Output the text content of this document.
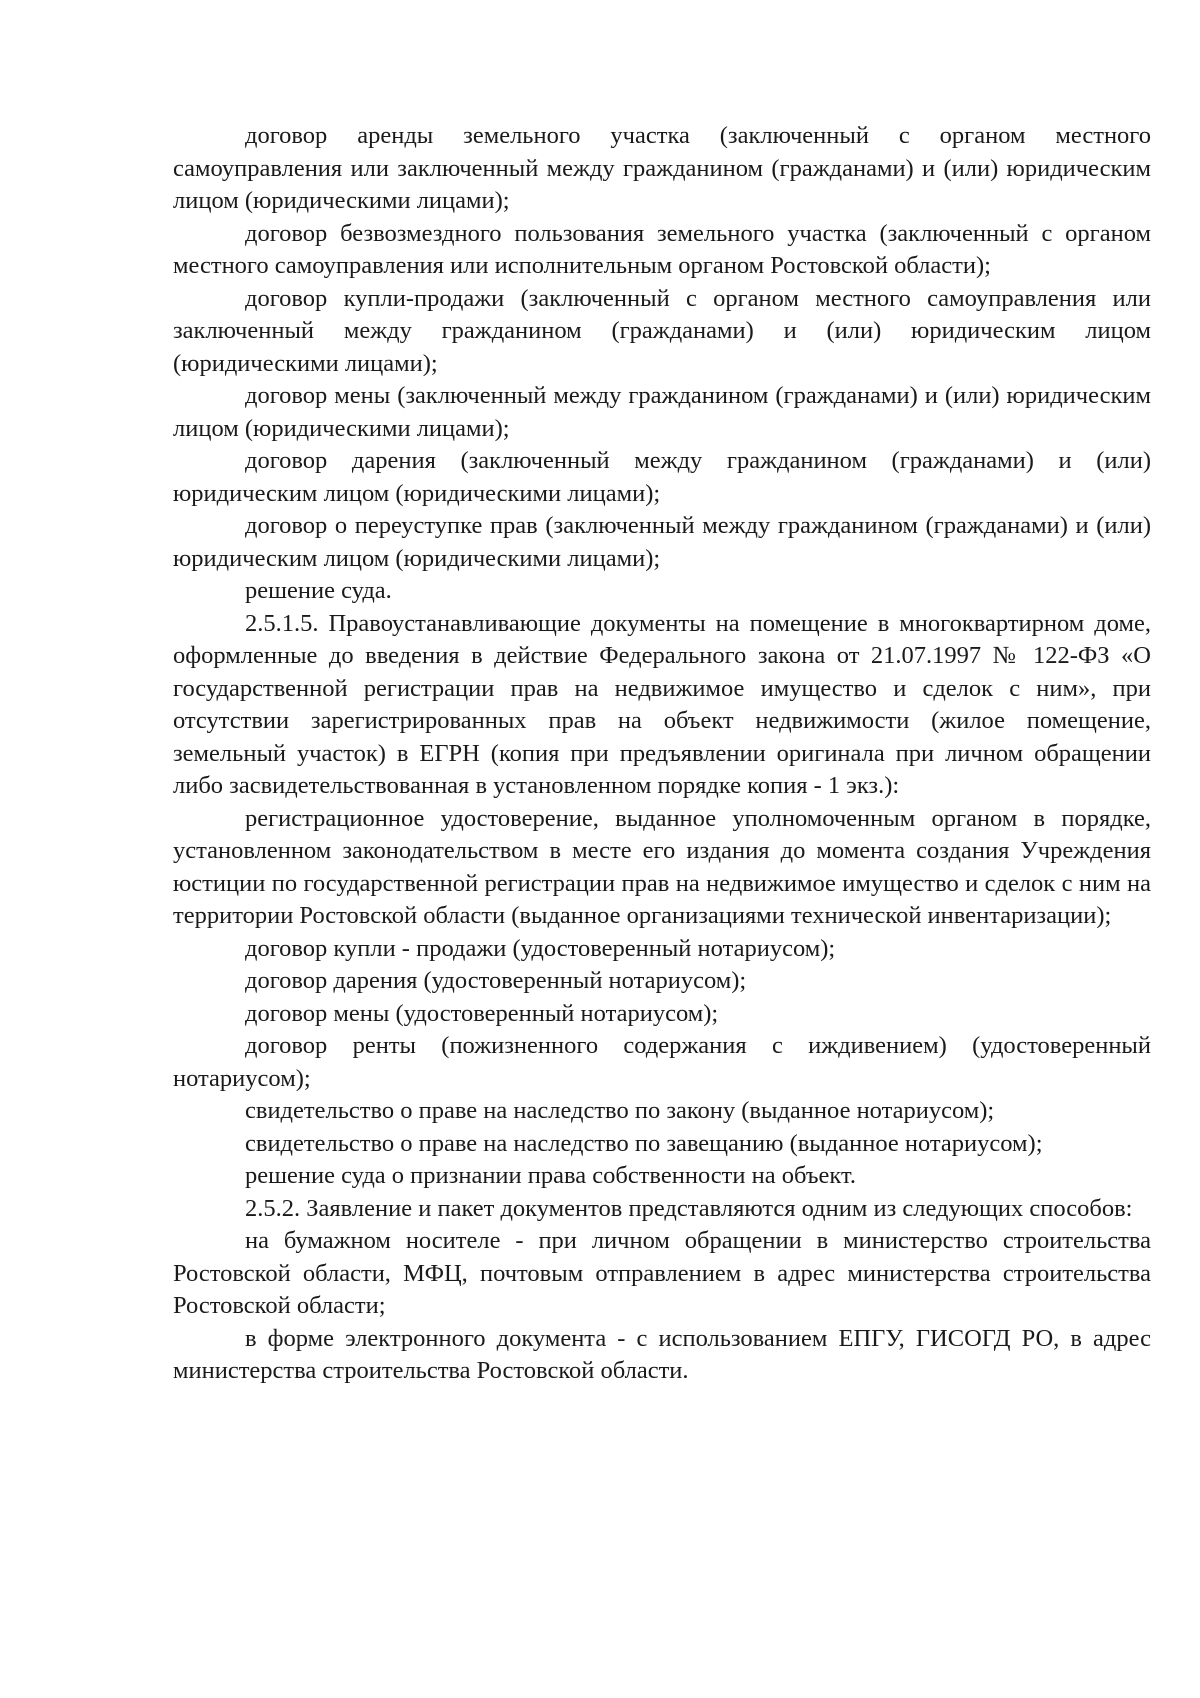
договор аренды земельного участка (заключенный с органом местного самоуправления или заключенный между гражданином (гражданами) и (или) юридическим лицом (юридическими лицами);

договор безвозмездного пользования земельного участка (заключенный с органом местного самоуправления или исполнительным органом Ростовской области);

договор купли-продажи (заключенный с органом местного самоуправления или заключенный между гражданином (гражданами) и (или) юридическим лицом (юридическими лицами);

договор мены (заключенный между гражданином (гражданами) и (или) юридическим лицом (юридическими лицами);

договор дарения (заключенный между гражданином (гражданами) и (или) юридическим лицом (юридическими лицами);

договор о переуступке прав (заключенный между гражданином (гражданами) и (или) юридическим лицом (юридическими лицами);

решение суда.

2.5.1.5. Правоустанавливающие документы на помещение в многоквартирном доме, оформленные до введения в действие Федерального закона от 21.07.1997 № 122-ФЗ «О государственной регистрации прав на недвижимое имущество и сделок с ним», при отсутствии зарегистрированных прав на объект недвижимости (жилое помещение, земельный участок) в ЕГРН (копия при предъявлении оригинала при личном обращении либо засвидетельствованная в установленном порядке копия - 1 экз.):

регистрационное удостоверение, выданное уполномоченным органом в порядке, установленном законодательством в месте его издания до момента создания Учреждения юстиции по государственной регистрации прав на недвижимое имущество и сделок с ним на территории Ростовской области (выданное организациями технической инвентаризации);

договор купли - продажи (удостоверенный нотариусом);

договор дарения (удостоверенный нотариусом);

договор мены (удостоверенный нотариусом);

договор ренты (пожизненного содержания с иждивением) (удостоверенный нотариусом);

свидетельство о праве на наследство по закону (выданное нотариусом);

свидетельство о праве на наследство по завещанию (выданное нотариусом);

решение суда о признании права собственности на объект.

2.5.2. Заявление и пакет документов представляются одним из следующих способов:

на бумажном носителе - при личном обращении в министерство строительства Ростовской области, МФЦ, почтовым отправлением в адрес министерства строительства Ростовской области;

в форме электронного документа - с использованием ЕПГУ, ГИСОГД РО, в адрес министерства строительства Ростовской области.
